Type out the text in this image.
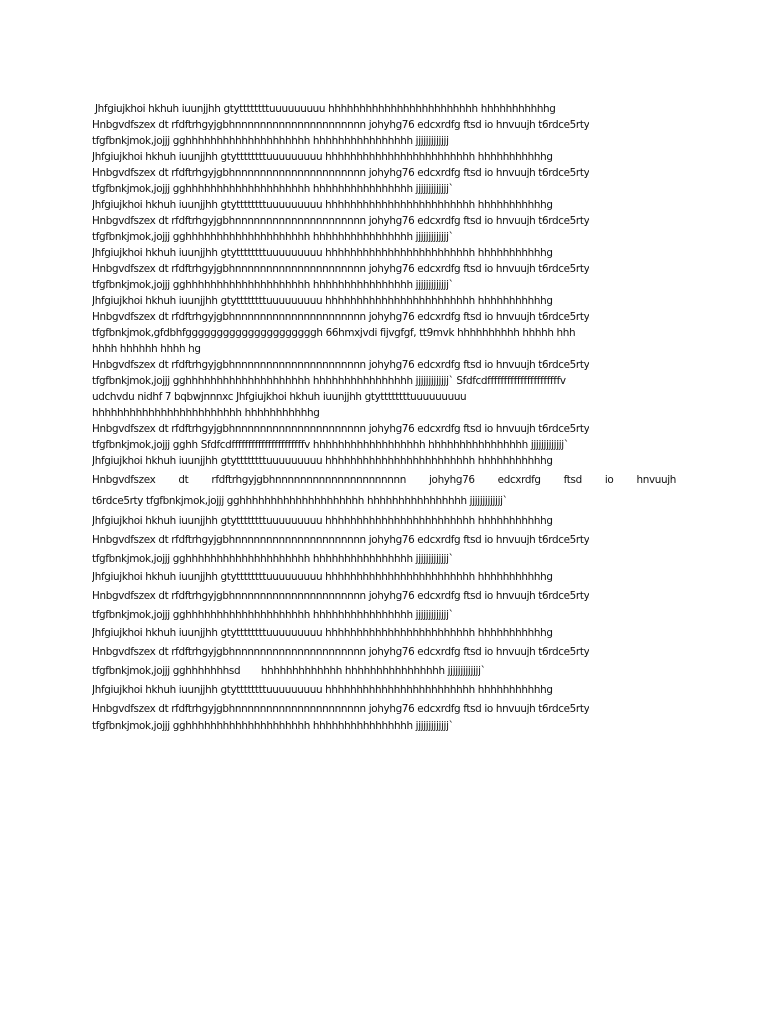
Jhfgiujkhoi hkhuh iuunjjhh gtyttttttttuuuuuuuuu hhhhhhhhhhhhhhhhhhhhhhhh hhhhhhhhhhhg
Hnbgvdfszex dt rfdftrhgyjgbhnnnnnnnnnnnnnnnnnnnnn johyhg76 edcxrdfg ftsd io hnvuujh t6rdce5rty
tfgfbnkjmok,jojjj gghhhhhhhhhhhhhhhhhhhh hhhhhhhhhhhhhhhh jjjjjjjjjjjjj
Jhfgiujkhoi hkhuh iuunjjhh gtyttttttttuuuuuuuuu hhhhhhhhhhhhhhhhhhhhhhhh hhhhhhhhhhhg
Hnbgvdfszex dt rfdftrhgyjgbhnnnnnnnnnnnnnnnnnnnnn johyhg76 edcxrdfg ftsd io hnvuujh t6rdce5rty
tfgfbnkjmok,jojjj gghhhhhhhhhhhhhhhhhhhh hhhhhhhhhhhhhhhh jjjjjjjjjjjjj`
Jhfgiujkhoi hkhuh iuunjjhh gtyttttttttuuuuuuuuu hhhhhhhhhhhhhhhhhhhhhhhh hhhhhhhhhhhg
Hnbgvdfszex dt rfdftrhgyjgbhnnnnnnnnnnnnnnnnnnnnn johyhg76 edcxrdfg ftsd io hnvuujh t6rdce5rty
tfgfbnkjmok,jojjj gghhhhhhhhhhhhhhhhhhhh hhhhhhhhhhhhhhhh jjjjjjjjjjjjj`
Jhfgiujkhoi hkhuh iuunjjhh gtyttttttttuuuuuuuuu hhhhhhhhhhhhhhhhhhhhhhhh hhhhhhhhhhhg
Hnbgvdfszex dt rfdftrhgyjgbhnnnnnnnnnnnnnnnnnnnnn johyhg76 edcxrdfg ftsd io hnvuujh t6rdce5rty
tfgfbnkjmok,jojjj gghhhhhhhhhhhhhhhhhhhh hhhhhhhhhhhhhhhh jjjjjjjjjjjjj`
Jhfgiujkhoi hkhuh iuunjjhh gtyttttttttuuuuuuuuu hhhhhhhhhhhhhhhhhhhhhhhh hhhhhhhhhhhg
Hnbgvdfszex dt rfdftrhgyjgbhnnnnnnnnnnnnnnnnnnnnn johyhg76 edcxrdfg ftsd io hnvuujh t6rdce5rty
tfgfbnkjmok,gfdbhfgggggggggggggggggggggh 66hmxjvdi fijvgfgf, tt9mvk hhhhhhhhhh hhhhh hhh
hhhh hhhhhh hhhh hg
Hnbgvdfszex dt rfdftrhgyjgbhnnnnnnnnnnnnnnnnnnnnn johyhg76 edcxrdfg ftsd io hnvuujh t6rdce5rty
tfgfbnkjmok,jojjj gghhhhhhhhhhhhhhhhhhhh hhhhhhhhhhhhhhhh jjjjjjjjjjjjj` Sfdfcdffffffffffffffffffffffv
udchvdu nidhf 7 bqbwjnnnxc Jhfgiujkhoi hkhuh iuunjjhh gtyttttttttuuuuuuuuu
hhhhhhhhhhhhhhhhhhhhhhhh hhhhhhhhhhhg
Hnbgvdfszex dt rfdftrhgyjgbhnnnnnnnnnnnnnnnnnnnnn johyhg76 edcxrdfg ftsd io hnvuujh t6rdce5rty
tfgfbnkjmok,jojjj gghh Sfdfcdffffffffffffffffffffffv hhhhhhhhhhhhhhhhhh hhhhhhhhhhhhhhhh jjjjjjjjjjjjj`
Jhfgiujkhoi hkhuh iuunjjhh gtyttttttttuuuuuuuuu hhhhhhhhhhhhhhhhhhhhhhhh hhhhhhhhhhhg
Hnbgvdfszex dt rfdftrhgyjgbhnnnnnnnnnnnnnnnnnnnnn johyhg76 edcxrdfg ftsd io hnvuujh
t6rdce5rty tfgfbnkjmok,jojjj gghhhhhhhhhhhhhhhhhhhh hhhhhhhhhhhhhhhh jjjjjjjjjjjjj`
Jhfgiujkhoi hkhuh iuunjjhh gtyttttttttuuuuuuuuu hhhhhhhhhhhhhhhhhhhhhhhh hhhhhhhhhhhg
Hnbgvdfszex dt rfdftrhgyjgbhnnnnnnnnnnnnnnnnnnnnn johyhg76 edcxrdfg ftsd io hnvuujh t6rdce5rty
tfgfbnkjmok,jojjj gghhhhhhhhhhhhhhhhhhhh hhhhhhhhhhhhhhhh jjjjjjjjjjjjj`
Jhfgiujkhoi hkhuh iuunjjhh gtyttttttttuuuuuuuuu hhhhhhhhhhhhhhhhhhhhhhhh hhhhhhhhhhhg
Hnbgvdfszex dt rfdftrhgyjgbhnnnnnnnnnnnnnnnnnnnnn johyhg76 edcxrdfg ftsd io hnvuujh t6rdce5rty
tfgfbnkjmok,jojjj gghhhhhhhhhhhhhhhhhhhh hhhhhhhhhhhhhhhh jjjjjjjjjjjjj`
Jhfgiujkhoi hkhuh iuunjjhh gtyttttttttuuuuuuuuu hhhhhhhhhhhhhhhhhhhhhhhh hhhhhhhhhhhg
Hnbgvdfszex dt rfdftrhgyjgbhnnnnnnnnnnnnnnnnnnnnn johyhg76 edcxrdfg ftsd io hnvuujh t6rdce5rty
tfgfbnkjmok,jojjj gghhhhhhhsd       hhhhhhhhhhhhh hhhhhhhhhhhhhhhh jjjjjjjjjjjjj`
Jhfgiujkhoi hkhuh iuunjjhh gtyttttttttuuuuuuuuu hhhhhhhhhhhhhhhhhhhhhhhh hhhhhhhhhhhg
Hnbgvdfszex dt rfdftrhgyjgbhnnnnnnnnnnnnnnnnnnnnn johyhg76 edcxrdfg ftsd io hnvuujh t6rdce5rty
tfgfbnkjmok,jojjj gghhhhhhhhhhhhhhhhhhhh hhhhhhhhhhhhhhhh jjjjjjjjjjjjj`
